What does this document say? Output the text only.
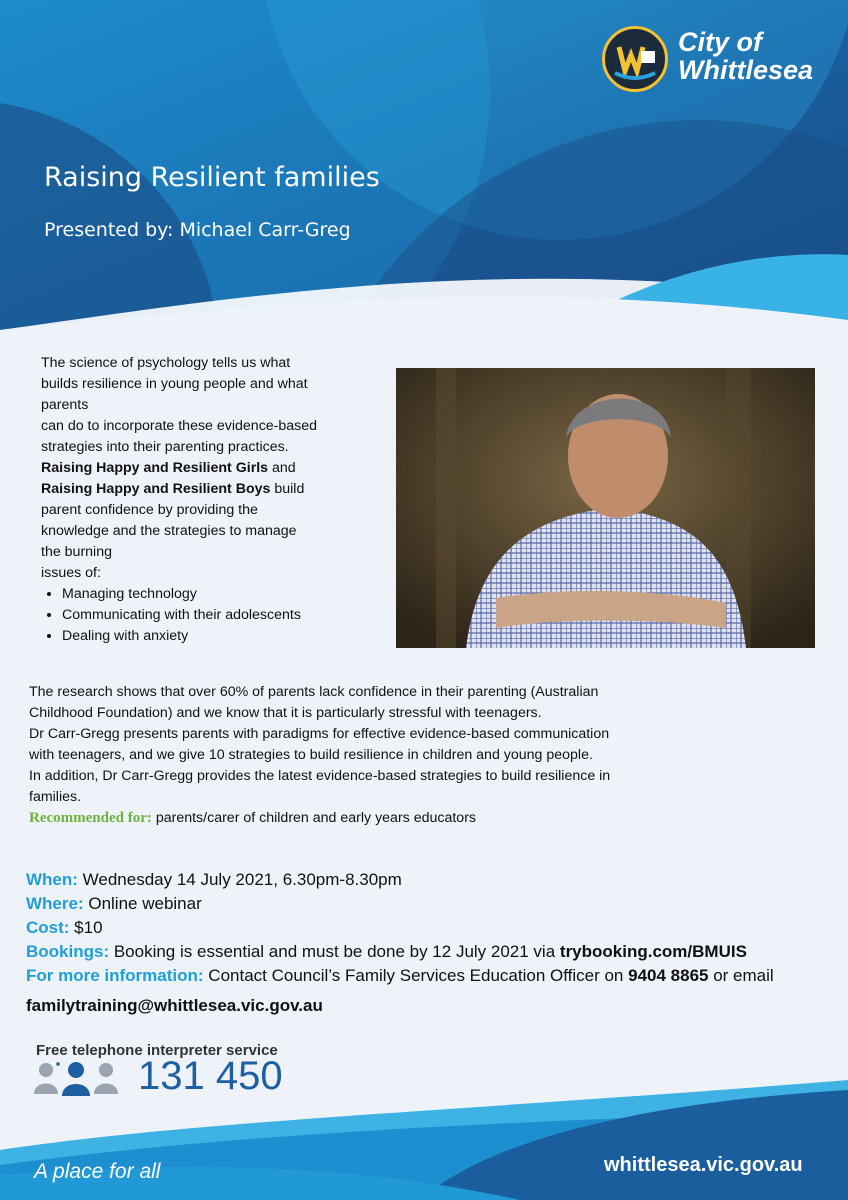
City of
Whittlesea
Raising Resilient families
Presented by: Michael Carr-Greg

The science of psychology tells us what

builds resilience in young people and what

parents

can do to incorporate these evidence-based

strategies into their parenting practices.

Raising Happy and Resilient Girls and

Raising Happy and Resilient Boys build

parent confidence by providing the

knowledge and the strategies to manage

the burning

issues of:

• Managing technology
• Communicating with their adolescents
• Dealing with anxiety

The research shows that over 60% of parents lack confidence in their parenting (Australian

Childhood Foundation) and we know that it is particularly stressful with teenagers.

Dr Carr-Gregg presents parents with paradigms for effective evidence-based communication

with teenagers, and we give 10 strategies to build resilience in children and young people.

In addition, Dr Carr-Gregg provides the latest evidence-based strategies to build resilience in

families.

Recommended for: parents/carer of children and early years educators

When: Wednesday 14 July 2021, 6.30pm-8.30pm

Where: Online webinar

Cost: $10

Bookings: Booking is essential and must be done by 12 July 2021 via trybooking.com/BMUIS

For more information: Contact Council’s Family Services Education Officer on 9404 8865 or email

familytraining@whittlesea.vic.gov.au
Free telephone interpreter service
131 450
A place for all	whittlesea.vic.gov.au
